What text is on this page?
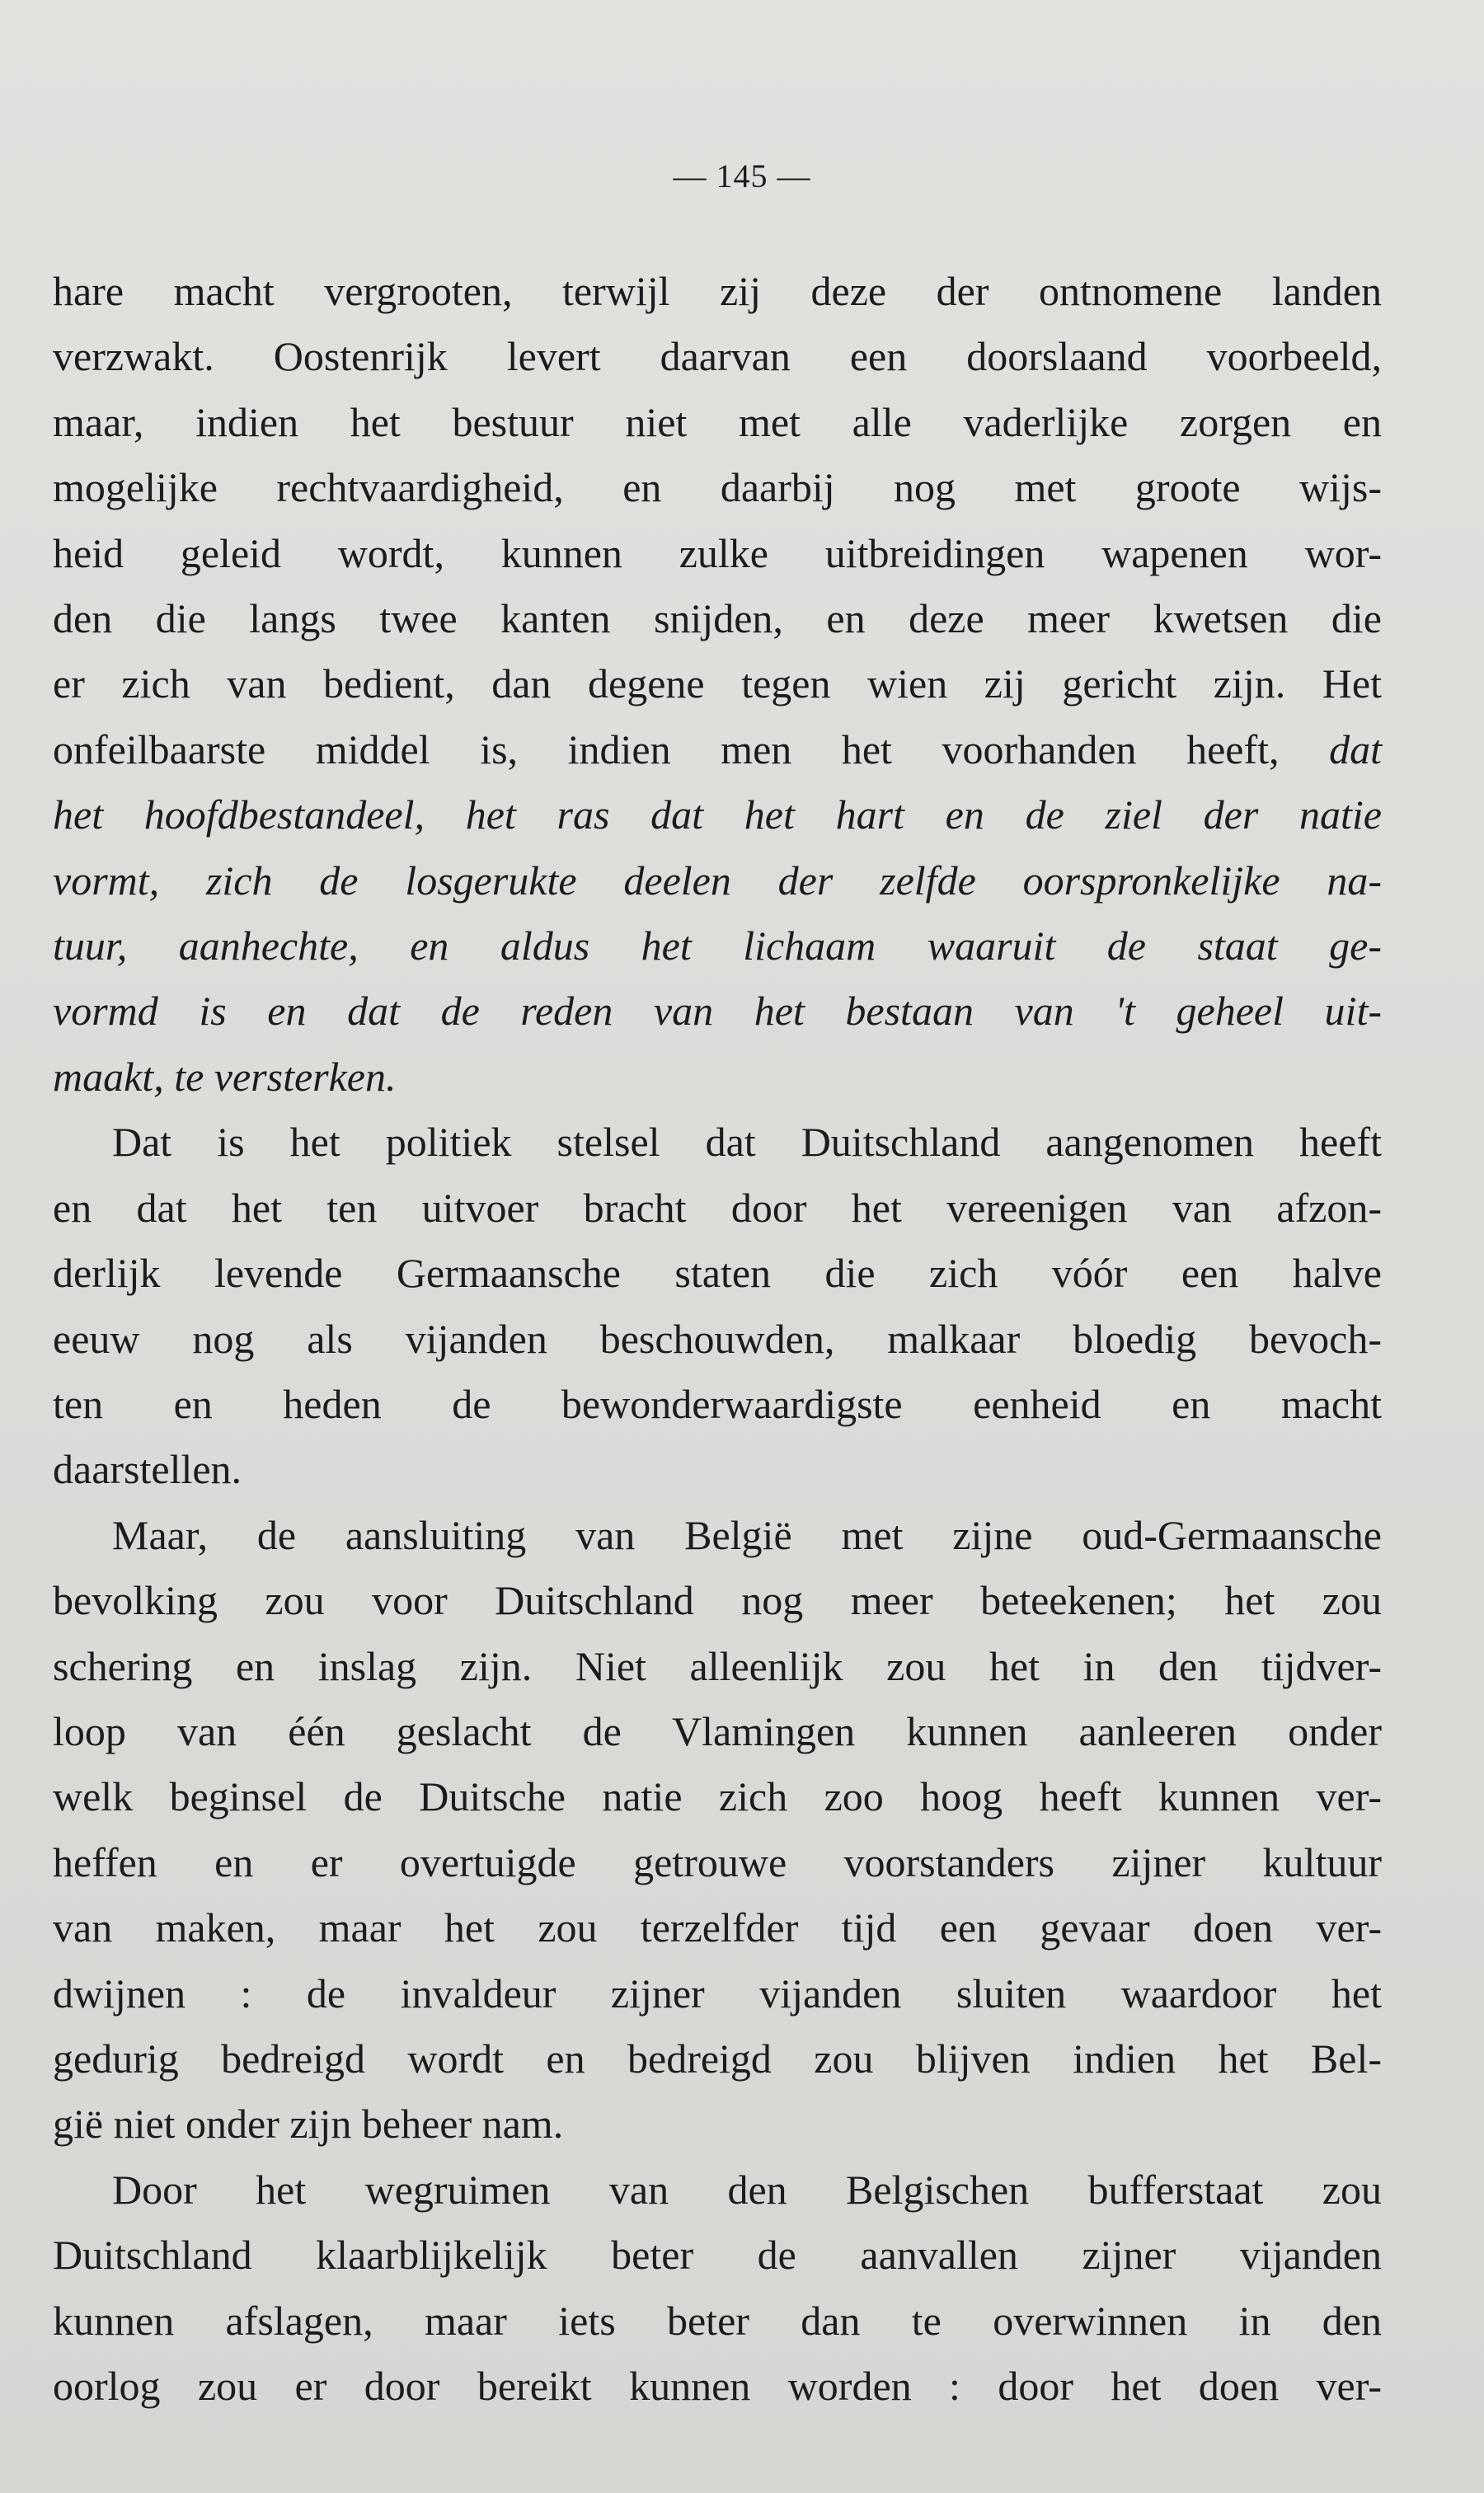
— 145 —

hare macht vergrooten, terwijl zij deze der ontnomene landen
verzwakt. Oostenrijk levert daarvan een doorslaand voorbeeld,
maar, indien het bestuur niet met alle vaderlijke zorgen en
mogelijke rechtvaardigheid, en daarbij nog met groote wijs-
heid geleid wordt, kunnen zulke uitbreidingen wapenen wor-
den die langs twee kanten snijden, en deze meer kwetsen die
er zich van bedient, dan degene tegen wien zij gericht zijn. Het
onfeilbaarste middel is, indien men het voorhanden heeft, dat
het hoofdbestandeel, het ras dat het hart en de ziel der natie
vormt, zich de losgerukte deelen der zelfde oorspronkelijke na-
tuur, aanhechte, en aldus het lichaam waaruit de staat ge-
vormd is en dat de reden van het bestaan van 't geheel uit-
maakt, te versterken.

Dat is het politiek stelsel dat Duitschland aangenomen heeft
en dat het ten uitvoer bracht door het vereenigen van afzon-
derlijk levende Germaansche staten die zich vóór een halve
eeuw nog als vijanden beschouwden, malkaar bloedig bevoch-
ten en heden de bewonderwaardigste eenheid en macht
daarstellen.

Maar, de aansluiting van België met zijne oud-Germaansche
bevolking zou voor Duitschland nog meer beteekenen; het zou
schering en inslag zijn. Niet alleenlijk zou het in den tijdver-
loop van één geslacht de Vlamingen kunnen aanleeren onder
welk beginsel de Duitsche natie zich zoo hoog heeft kunnen ver-
heffen en er overtuigde getrouwe voorstanders zijner kultuur
van maken, maar het zou terzelfder tijd een gevaar doen ver-
dwijnen : de invaldeur zijner vijanden sluiten waardoor het
gedurig bedreigd wordt en bedreigd zou blijven indien het Bel-
gië niet onder zijn beheer nam.

Door het wegruimen van den Belgischen bufferstaat zou
Duitschland klaarblijkelijk beter de aanvallen zijner vijanden
kunnen afslagen, maar iets beter dan te overwinnen in den
oorlog zou er door bereikt kunnen worden : door het doen ver-
